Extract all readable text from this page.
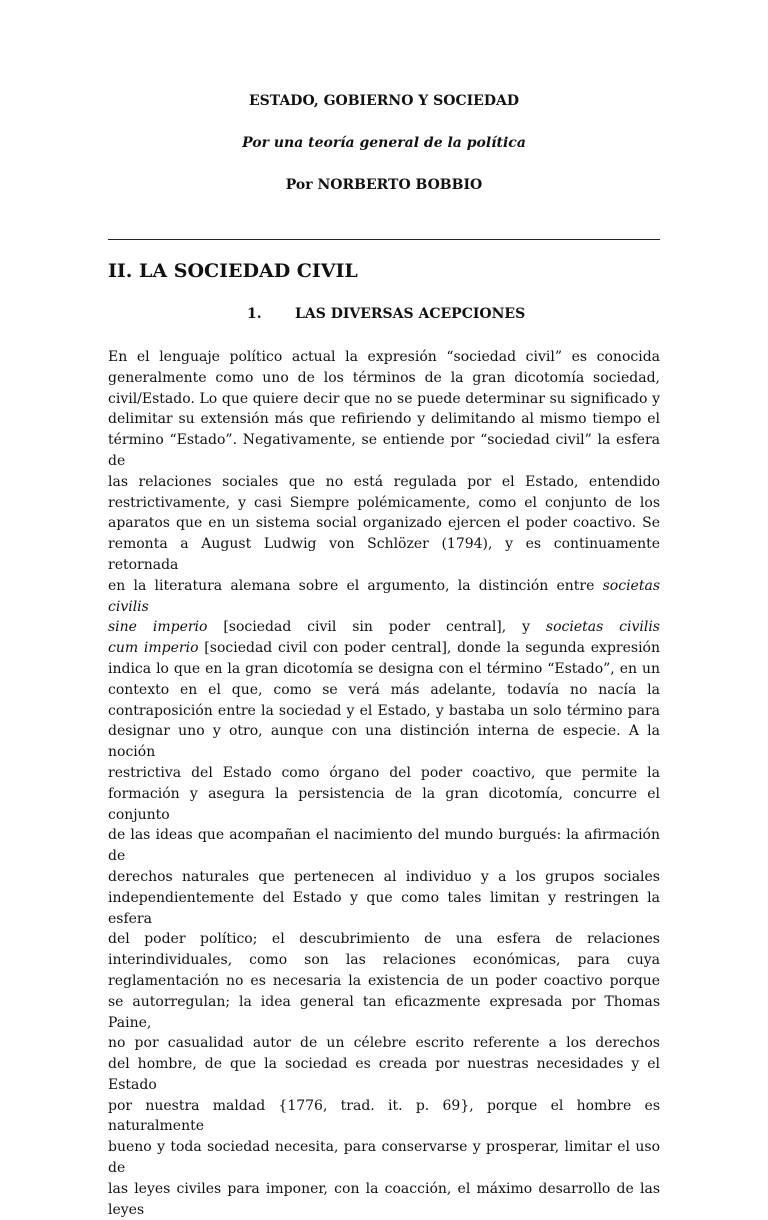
ESTADO, GOBIERNO Y SOCIEDAD
Por una teoría general de la política
Por NORBERTO BOBBIO
II. LA SOCIEDAD CIVIL
1. LAS DIVERSAS ACEPCIONES
En el lenguaje político actual la expresión “sociedad civil” es conocida
generalmente como uno de los términos de la gran dicotomía sociedad,
civil/Estado. Lo que quiere decir que no se puede determinar su significado y
delimitar su extensión más que refiriendo y delimitando al mismo tiempo el
término “Estado”. Negativamente, se entiende por “sociedad civil” la esfera de
las relaciones sociales que no está regulada por el Estado, entendido
restrictivamente, y casi Siempre polémicamente, como el conjunto de los
aparatos que en un sistema social organizado ejercen el poder coactivo. Se
remonta a August Ludwig von Schlözer (1794), y es continuamente retornada
en la literatura alemana sobre el argumento, la distinción entre societas civilis
sine imperio [sociedad civil sin poder central], y societas civilis
cum imperio [sociedad civil con poder central], donde la segunda expresión
indica lo que en la gran dicotomía se designa con el término “Estado”, en un
contexto en el que, como se verá más adelante, todavía no nacía la
contraposición entre la sociedad y el Estado, y bastaba un solo término para
designar uno y otro, aunque con una distinción interna de especie. A la noción
restrictiva del Estado como órgano del poder coactivo, que permite la
formación y asegura la persistencia de la gran dicotomía, concurre el conjunto
de las ideas que acompañan el nacimiento del mundo burgués: la afirmación de
derechos naturales que pertenecen al individuo y a los grupos sociales
independientemente del Estado y que como tales limitan y restringen la esfera
del poder político; el descubrimiento de una esfera de relaciones
interindividuales, como son las relaciones económicas, para cuya
reglamentación no es necesaria la existencia de un poder coactivo porque
se autorregulan; la idea general tan eficazmente expresada por Thomas Paine,
no por casualidad autor de un célebre escrito referente a los derechos
del hombre, de que la sociedad es creada por nuestras necesidades y el Estado
por nuestra maldad {1776, trad. it. p. 69}, porque el hombre es naturalmente
bueno y toda sociedad necesita, para conservarse y prosperar, limitar el uso de
las leyes civiles para imponer, con la coacción, el máximo desarrollo de las leyes
